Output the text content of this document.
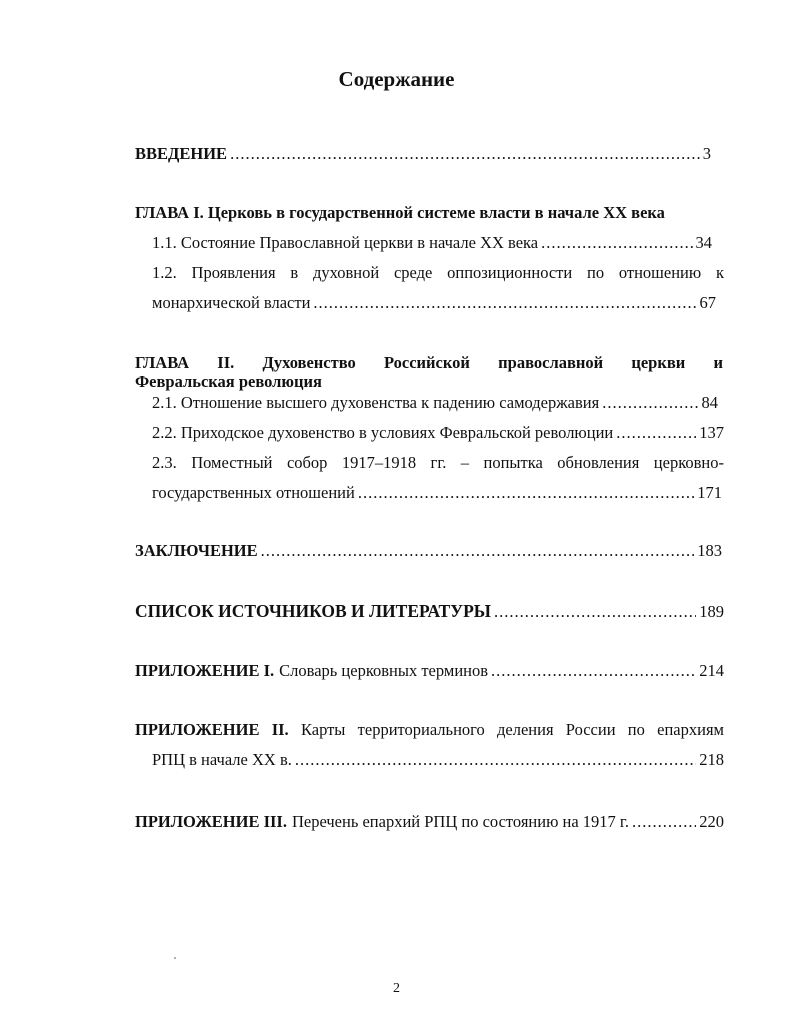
Содержание
ВВЕДЕНИЕ .....	3
ГЛАВА I. Церковь в государственной системе власти в начале XX века
1.1. Состояние Православной церкви в начале XX века .....	34
1.2. Проявления в духовной среде оппозиционности по отношению к
монархической власти .....	67
ГЛАВА II. Духовенство Российской православной церкви и
Февральская революция
2.1. Отношение высшего духовенства к падению самодержавия .....	84
2.2. Приходское духовенство в условиях Февральской революции .....	137
2.3. Поместный собор 1917–1918 гг. – попытка обновления церковно-
государственных отношений .....	171
ЗАКЛЮЧЕНИЕ .....	183
СПИСОК ИСТОЧНИКОВ И ЛИТЕРАТУРЫ .....	189
ПРИЛОЖЕНИЕ I. Словарь церковных терминов .....	214
ПРИЛОЖЕНИЕ II. Карты территориального деления России по епархиям
РПЦ в начале XX в. .....	218
ПРИЛОЖЕНИЕ III. Перечень епархий РПЦ по состоянию на 1917 г. .....	220
2
